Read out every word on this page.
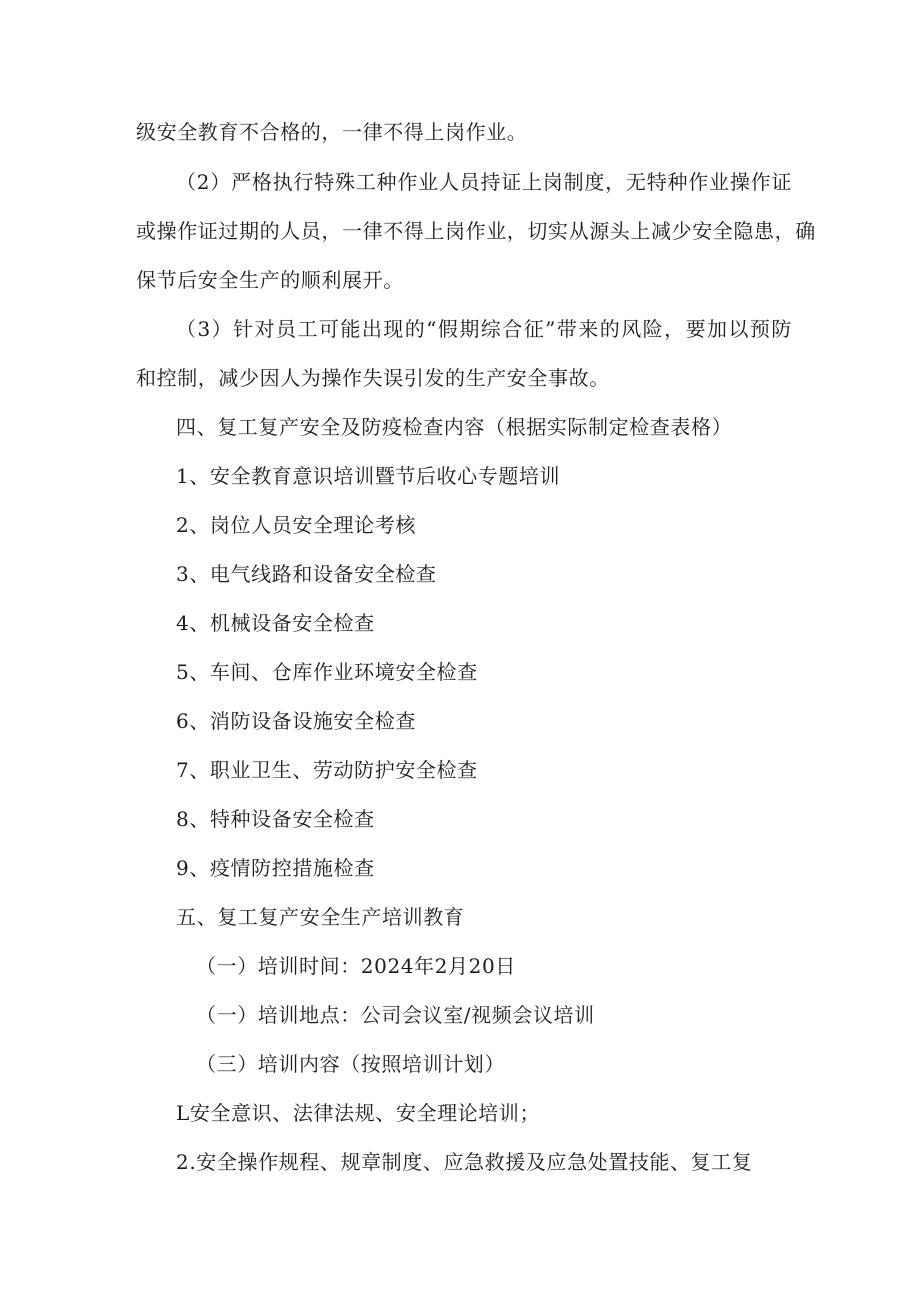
级安全教育不合格的，一律不得上岗作业。
（2）严格执行特殊工种作业人员持证上岗制度，无特种作业操作证
或操作证过期的人员，一律不得上岗作业，切实从源头上减少安全隐患，确
保节后安全生产的顺利展开。
（3）针对员工可能出现的“假期综合征”带来的风险，要加以预防
和控制，减少因人为操作失误引发的生产安全事故。
四、复工复产安全及防疫检查内容（根据实际制定检查表格）
1、安全教育意识培训暨节后收心专题培训
2、岗位人员安全理论考核
3、电气线路和设备安全检查
4、机械设备安全检查
5、车间、仓库作业环境安全检查
6、消防设备设施安全检查
7、职业卫生、劳动防护安全检查
8、特种设备安全检查
9、疫情防控措施检查
五、复工复产安全生产培训教育
（一）培训时间：2024年2月20日
（一）培训地点：公司会议室/视频会议培训
（三）培训内容（按照培训计划）
L安全意识、法律法规、安全理论培训；
2.安全操作规程、规章制度、应急救援及应急处置技能、复工复
